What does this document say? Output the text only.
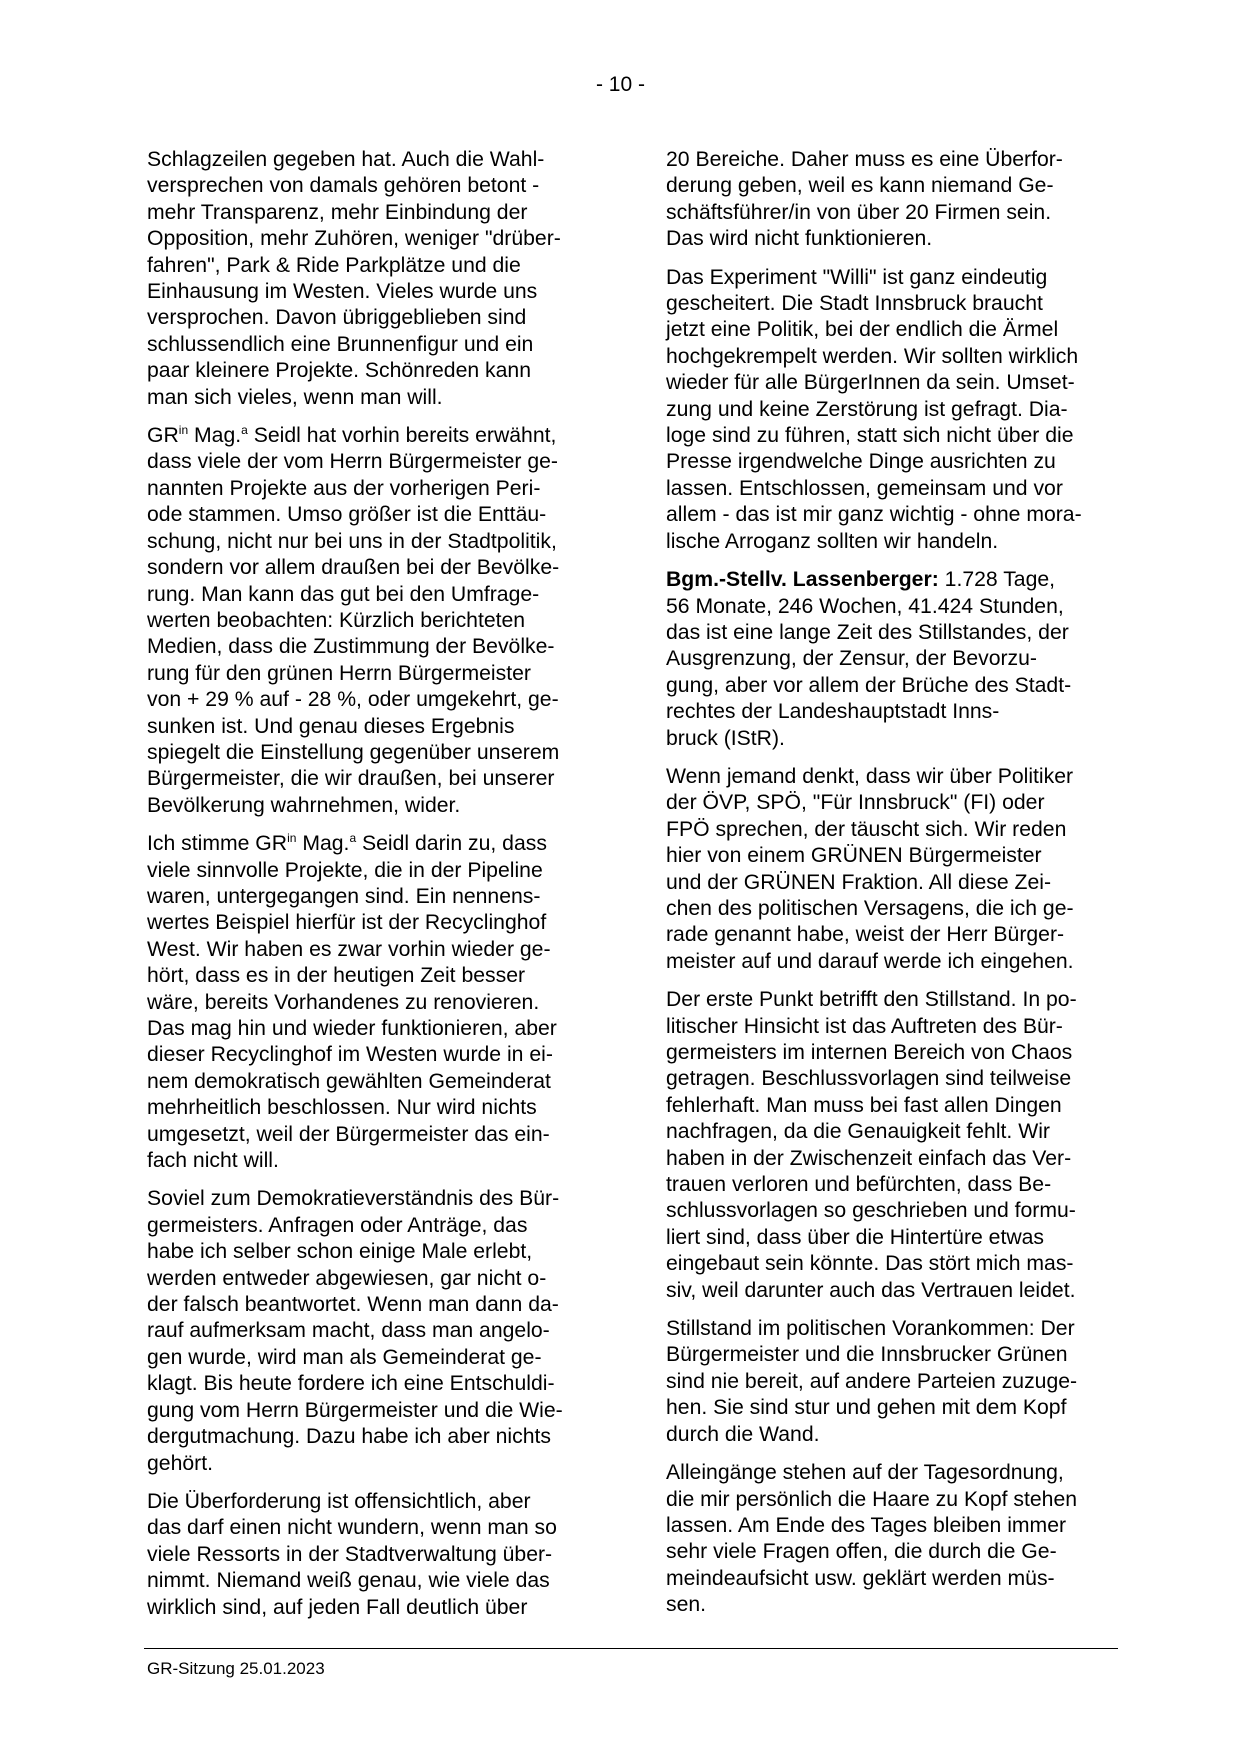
- 10 -

Schlagzeilen gegeben hat. Auch die Wahl-
versprechen von damals gehören betont -
mehr Transparenz, mehr Einbindung der
Opposition, mehr Zuhören, weniger "drüber-
fahren", Park & Ride Parkplätze und die
Einhausung im Westen. Vieles wurde uns
versprochen. Davon übriggeblieben sind
schlussendlich eine Brunnenfigur und ein
paar kleinere Projekte. Schönreden kann
man sich vieles, wenn man will.

$GR^{in}$ Mag.$^a$ Seidl hat vorhin bereits erwähnt,
dass viele der vom Herrn Bürgermeister ge-
nannten Projekte aus der vorherigen Peri-
ode stammen. Umso größer ist die Enttäu-
schung, nicht nur bei uns in der Stadtpolitik,
sondern vor allem draußen bei der Bevölke-
rung. Man kann das gut bei den Umfrage-
werten beobachten: Kürzlich berichteten
Medien, dass die Zustimmung der Bevölke-
rung für den grünen Herrn Bürgermeister
von + 29 % auf - 28 %, oder umgekehrt, ge-
sunken ist. Und genau dieses Ergebnis
spiegelt die Einstellung gegenüber unserem
Bürgermeister, die wir draußen, bei unserer
Bevölkerung wahrnehmen, wider.

Ich stimme $GR^{in}$ Mag.$^a$ Seidl darin zu, dass
viele sinnvolle Projekte, die in der Pipeline
waren, untergegangen sind. Ein nennens-
wertes Beispiel hierfür ist der Recyclinghof
West. Wir haben es zwar vorhin wieder ge-
hört, dass es in der heutigen Zeit besser
wäre, bereits Vorhandenes zu renovieren.
Das mag hin und wieder funktionieren, aber
dieser Recyclinghof im Westen wurde in ei-
nem demokratisch gewählten Gemeinderat
mehrheitlich beschlossen. Nur wird nichts
umgesetzt, weil der Bürgermeister das ein-
fach nicht will.

Soviel zum Demokratieverständnis des Bür-
germeisters. Anfragen oder Anträge, das
habe ich selber schon einige Male erlebt,
werden entweder abgewiesen, gar nicht o-
der falsch beantwortet. Wenn man dann da-
rauf aufmerksam macht, dass man angelo-
gen wurde, wird man als Gemeinderat ge-
klagt. Bis heute fordere ich eine Entschuldi-
gung vom Herrn Bürgermeister und die Wie-
dergutmachung. Dazu habe ich aber nichts
gehört.

Die Überforderung ist offensichtlich, aber
das darf einen nicht wundern, wenn man so
viele Ressorts in der Stadtverwaltung über-
nimmt. Niemand weiß genau, wie viele das
wirklich sind, auf jeden Fall deutlich über

20 Bereiche. Daher muss es eine Überfor-
derung geben, weil es kann niemand Ge-
schäftsführer/in von über 20 Firmen sein.
Das wird nicht funktionieren.

Das Experiment "Willi" ist ganz eindeutig
gescheitert. Die Stadt Innsbruck braucht
jetzt eine Politik, bei der endlich die Ärmel
hochgekrempelt werden. Wir sollten wirklich
wieder für alle BürgerInnen da sein. Umset-
zung und keine Zerstörung ist gefragt. Dia-
loge sind zu führen, statt sich nicht über die
Presse irgendwelche Dinge ausrichten zu
lassen. Entschlossen, gemeinsam und vor
allem - das ist mir ganz wichtig - ohne mora-
lische Arroganz sollten wir handeln.

Bgm.-Stellv. Lassenberger: 1.728 Tage,
56 Monate, 246 Wochen, 41.424 Stunden,
das ist eine lange Zeit des Stillstandes, der
Ausgrenzung, der Zensur, der Bevorzu-
gung, aber vor allem der Brüche des Stadt-
rechtes der Landeshauptstadt Inns-
bruck (IStR).

Wenn jemand denkt, dass wir über Politiker
der ÖVP, SPÖ, "Für Innsbruck" (FI) oder
FPÖ sprechen, der täuscht sich. Wir reden
hier von einem GRÜNEN Bürgermeister
und der GRÜNEN Fraktion. All diese Zei-
chen des politischen Versagens, die ich ge-
rade genannt habe, weist der Herr Bürger-
meister auf und darauf werde ich eingehen.

Der erste Punkt betrifft den Stillstand. In po-
litischer Hinsicht ist das Auftreten des Bür-
germeisters im internen Bereich von Chaos
getragen. Beschlussvorlagen sind teilweise
fehlerhaft. Man muss bei fast allen Dingen
nachfragen, da die Genauigkeit fehlt. Wir
haben in der Zwischenzeit einfach das Ver-
trauen verloren und befürchten, dass Be-
schlussvorlagen so geschrieben und formu-
liert sind, dass über die Hintertüre etwas
eingebaut sein könnte. Das stört mich mas-
siv, weil darunter auch das Vertrauen leidet.

Stillstand im politischen Vorankommen: Der
Bürgermeister und die Innsbrucker Grünen
sind nie bereit, auf andere Parteien zuzuge-
hen. Sie sind stur und gehen mit dem Kopf
durch die Wand.

Alleingänge stehen auf der Tagesordnung,
die mir persönlich die Haare zu Kopf stehen
lassen. Am Ende des Tages bleiben immer
sehr viele Fragen offen, die durch die Ge-
meindeaufsicht usw. geklärt werden müs-
sen.

GR-Sitzung 25.01.2023
